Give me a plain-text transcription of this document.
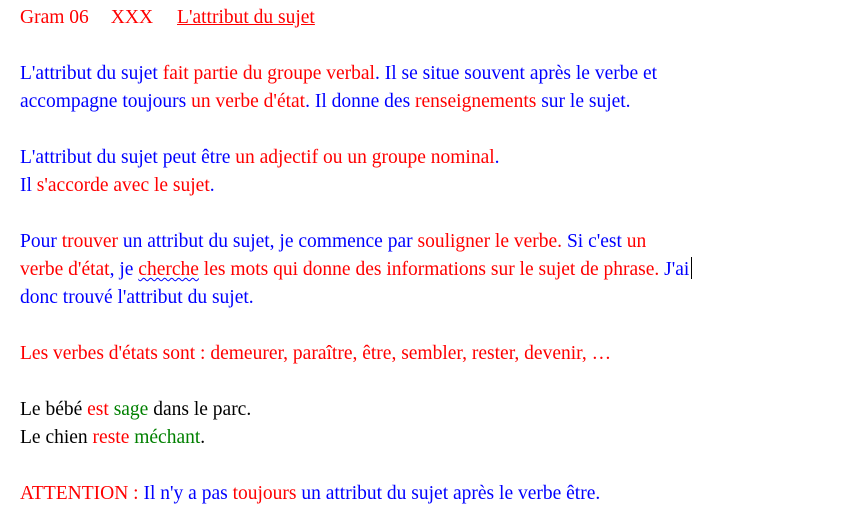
Gram 06 XXX L'attribut du sujet
L'attribut du sujet fait partie du groupe verbal. Il se situe souvent après le verbe et
accompagne toujours un verbe d'état. Il donne des renseignements sur le sujet.
L'attribut du sujet peut être un adjectif ou un groupe nominal.
Il s'accorde avec le sujet.
Pour trouver un attribut du sujet, je commence par souligner le verbe. Si c'est un
verbe d'état, je cherche les mots qui donne des informations sur le sujet de phrase. J'ai
donc trouvé l'attribut du sujet.
Les verbes d'états sont : demeurer, paraître, être, sembler, rester, devenir, …
Le bébé est sage dans le parc.
Le chien reste méchant.
ATTENTION : Il n'y a pas toujours un attribut du sujet après le verbe être.
